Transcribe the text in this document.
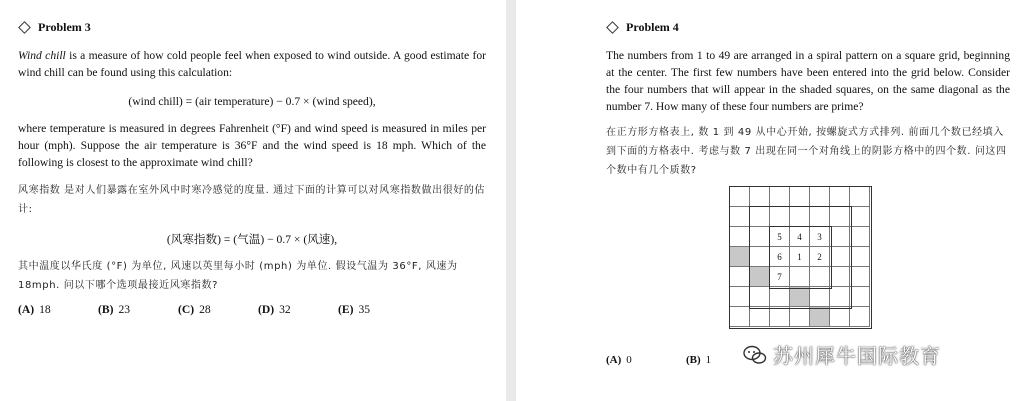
Problem 3

Wind chill is a measure of how cold people feel when exposed to wind outside. A good estimate for wind chill can be found using this calculation:

(wind chill) = (air temperature) − 0.7 × (wind speed),

where temperature is measured in degrees Fahrenheit (°F) and wind speed is measured in miles per hour (mph). Suppose the air temperature is 36°F and the wind speed is 18 mph. Which of the following is closest to the approximate wind chill?

风寒指数 是对人们暴露在室外风中时寒冷感觉的度量. 通过下面的计算可以对风寒指数做出很好的估计:

(风寒指数) = (气温) − 0.7 × (风速),

其中温度以华氏度 (°F) 为单位, 风速以英里每小时 (mph) 为单位. 假设气温为 36°F, 风速为 18mph. 问以下哪个选项最接近风寒指数?

(A) 18	(B) 23	(C) 28	(D) 32	(E) 35
Problem 4

The numbers from 1 to 49 are arranged in a spiral pattern on a square grid, beginning at the center. The first few numbers have been entered into the grid below. Consider the four numbers that will appear in the shaded squares, on the same diagonal as the number 7. How many of these four numbers are prime?

在正方形方格表上, 数 1 到 49 从中心开始, 按螺旋式方式排列. 前面几个数已经填入到下面的方格表中. 考虑与数 7 出现在同一个对角线上的阴影方格中的四个数. 问这四个数中有几个质数?

		5	4	3		
		6	1	2		
		7				

(A) 0	(B) 1	苏州犀牛国际教育
